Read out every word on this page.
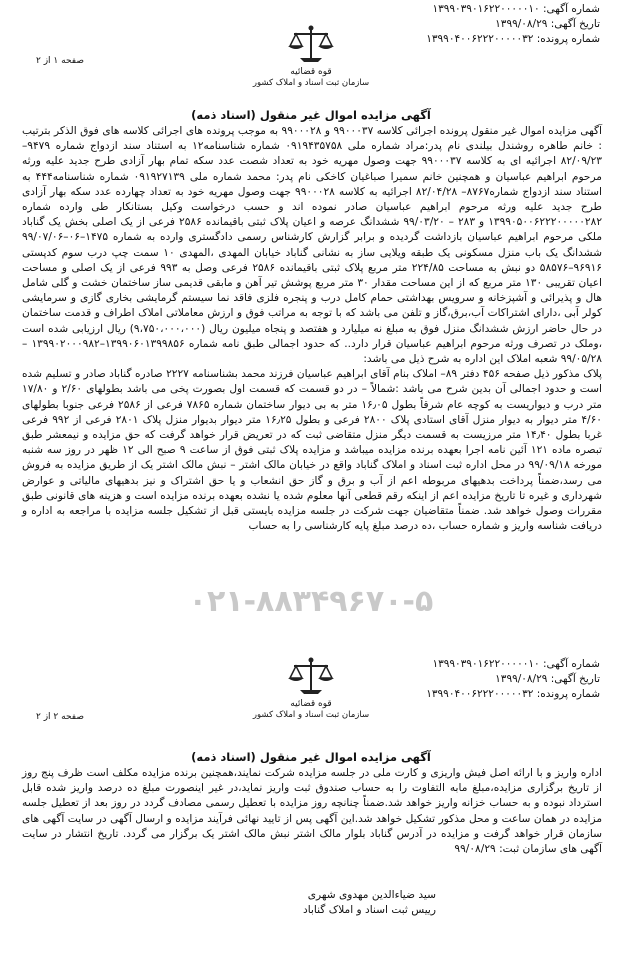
شماره آگهی: ۱۳۹۹۰۳۹۰۱۶۲۲۰۰۰۰۰۱۰
تاریخ آگهی: ۱۳۹۹/۰۸/۲۹
شماره پرونده: ۱۳۹۹۰۴۰۰۶۲۲۲۰۰۰۰۰۳۲
قوه قضائیه
سازمان ثبت اسناد و املاک کشور
صفحه ۱ از ۲
آگهی مزایده اموال غیر منقول (اسناد ذمه)

آگهی مزایده اموال غیر منقول پرونده اجرائی کلاسه ۹۹۰۰۰۳۷ و ۹۹۰۰۰۲۸ به موجب پرونده های اجرائی کلاسه های فوق الذکر بترتیب : خانم طاهره روشندل بیلندی نام پدر:مراد شماره ملی ۰۹۱۹۴۳۵۷۵۸ شماره شناسنامه۱۲ به استناد سند ازدواج شماره ۹۴۷۹– ۸۲/۰۹/۲۳ اجرائیه ای به کلاسه ۹۹۰۰۰۳۷ جهت وصول مهریه خود به تعداد شصت عدد سکه تمام بهار آزادی طرح جدید علیه ورثه مرحوم ابراهیم عباسیان و همچنین خانم سمیرا صباغیان کاخکی نام پدر: محمد شماره ملی ۰۹۱۹۲۷۱۳۹ شماره شناسنامه۴۴۴ به استناد سند ازدواج شماره۸۷۶۷– ۸۲/۰۴/۲۸ اجرائیه به کلاسه ۹۹۰۰۰۲۸ جهت وصول مهریه خود به تعداد چهارده عدد سکه بهار آزادی طرح جدید علیه ورثه مرحوم ابراهیم عباسیان صادر نموده اند و حسب درخواست وکیل بستانکار طی وارده شماره ۱۳۹۹۰۵۰۰۶۲۲۲۰۰۰۰۰۲۸۲ و ۲۸۳ – ۹۹/۰۳/۲۰ ششدانگ عرصه و اعیان پلاک ثبتی باقیمانده ۲۵۸۶ فرعی از یک اصلی بخش یک گناباد ملکی مرحوم ابراهیم عباسیان بازداشت گردیده و برابر گزارش کارشناس رسمی دادگستری وارده به شماره ۱۴۷۵–۰۶–۹۹/۰۷/۰۶ ششدانگ یک باب منزل مسکونی یک طبقه ویلایی ساز به نشانی گناباد خیابان المهدی ،المهدی ۱۰ سمت چپ درب سوم کدپستی ۹۶۹۱۶–۵۸۵۷۶ دو نبش به مساحت ۲۲۴/۸۵ متر مربع پلاک ثبتی باقیمانده ۲۵۸۶ فرعی وصل به ۹۹۳ فرعی از یک اصلی و مساحت اعیان تقریبی ۱۳۰ متر مربع که از این مساحت مقدار ۳۰ متر مربع پوشش تیر آهن و مابقی قدیمی ساز ساختمان خشت و گلی شامل هال و پذیرائی و آشپزخانه و سرویس بهداشتی حمام کامل درب و پنجره فلزی فاقد نما سیستم گرمایشی بخاری گازی و سرمایشی کولر آبی ،دارای اشتراکات آب،برق،گاز و تلفن می باشد که با توجه به مراتب فوق و ارزش معاملاتی املاک اطراف و قدمت ساختمان در حال حاضر ارزش ششدانگ منزل فوق به مبلغ نه میلیارد و هفتصد و پنجاه میلیون ریال (۹،۷۵۰،۰۰۰،۰۰۰) ریال ارزیابی شده است ،وملک در تصرف ورثه مرحوم ابراهیم عباسیان قرار دارد.. که حدود اجمالی طبق نامه شماره ۱۳۹۹۰۶۰۱۳۹۹۸۵۶–۱۳۹۹۰۲۰۰۰۹۸۲ – ۹۹/۰۵/۲۸ شعبه املاک این اداره به شرح ذیل می باشد:

پلاک مذکور ذیل صفحه ۴۵۶ دفتر ۸۹– املاک بنام آقای ابراهیم عباسیان فرزند محمد بشناسنامه ۲۲۲۷ صادره گناباد صادر و تسلیم شده است و حدود اجمالی آن بدین شرح می باشد :شمالاً – در دو قسمت که قسمت اول بصورت پخی می باشد بطولهای ۲/۶۰ و ۱۷/۸۰ متر درب و دیواریست به کوچه عام شرقاً بطول ۱۶٫۰۵ متر به بی دیوار ساختمان شماره ۷۸۶۵ فرعی از ۲۵۸۶ فرعی جنوبا بطولهای ۴/۶۰ متر دیوار به دیوار منزل آقای استادی پلاک ۲۸۰۰ فرعی و بطول ۱۶٫۲۵ متر دیوار بدیوار منزل پلاک ۲۸۰۱ فرعی از ۹۹۲ فرعی غربا بطول ۱۴٫۴۰ متر مرزیست به قسمت دیگر منزل متقاضی ثبت که در تعریض قرار خواهد گرفت که حق مزایده و نیمعشر طبق تبصره ماده ۱۲۱ آئین نامه اجرا بعهده برنده مزایده میباشد و مزایده پلاک ثبتی فوق از ساعت ۹ صبح الی ۱۲ ظهر در روز سه شنبه مورخه ۹۹/۰۹/۱۸ در محل اداره ثبت اسناد و املاک گناباد واقع در خیابان مالک اشتر – نبش مالک اشتر یک از طریق مزایده به فروش می رسد،ضمناً پرداخت بدهیهای مربوطه اعم از آب و برق و گاز حق انشعاب و یا حق اشتراک و نیز بدهیهای مالیاتی و عوارض شهرداری و غیره تا تاریخ مزایده اعم از اینکه رقم قطعی آنها معلوم شده یا نشده بعهده برنده مزایده است و هزینه های قانونی طبق مقررات وصول خواهد شد. ضمناً متقاضیان جهت شرکت در جلسه مزایده بایستی قبل از تشکیل جلسه مزایده با مراجعه به اداره و دریافت شناسه واریز و شماره حساب ،ده درصد مبلغ پایه کارشناسی را به حساب

۰۲۱-۸۸۳۴۹۶۷۰-۵
شماره آگهی: ۱۳۹۹۰۳۹۰۱۶۲۲۰۰۰۰۰۱۰
تاریخ آگهی: ۱۳۹۹/۰۸/۲۹
شماره پرونده: ۱۳۹۹۰۴۰۰۶۲۲۲۰۰۰۰۰۳۲
قوه قضائیه
سازمان ثبت اسناد و املاک کشور
صفحه ۲ از ۲
آگهی مزایده اموال غیر منقول (اسناد ذمه)

اداره واریز و با ارائه اصل فیش واریزی و کارت ملی در جلسه مزایده شرکت نمایند،همچنین برنده مزایده مکلف است ظرف پنج روز از تاریخ برگزاری مزایده،مبلغ مابه التفاوت را به حساب صندوق ثبت واریز نماید،در غیر اینصورت مبلغ ده درصد واریز شده قابل استرداد نبوده و به حساب خزانه واریز خواهد شد.ضمناً چنانچه روز مزایده با تعطیل رسمی مصادف گردد در روز بعد از تعطیل جلسه مزایده در همان ساعت و محل مذکور تشکیل خواهد شد.این آگهی پس از تایید نهائی فرآیند مزایده و ارسال آگهی در سایت آگهی های سازمان قرار خواهد گرفت و مزایده در آدرس گناباد بلوار مالک اشتر نبش مالک اشتر یک برگزار می گردد. تاریخ انتشار در سایت آگهی های سازمان ثبت: ۹۹/۰۸/۲۹

سید ضیاءالدین مهدوی شهری
رییس ثبت اسناد و املاک گناباد
